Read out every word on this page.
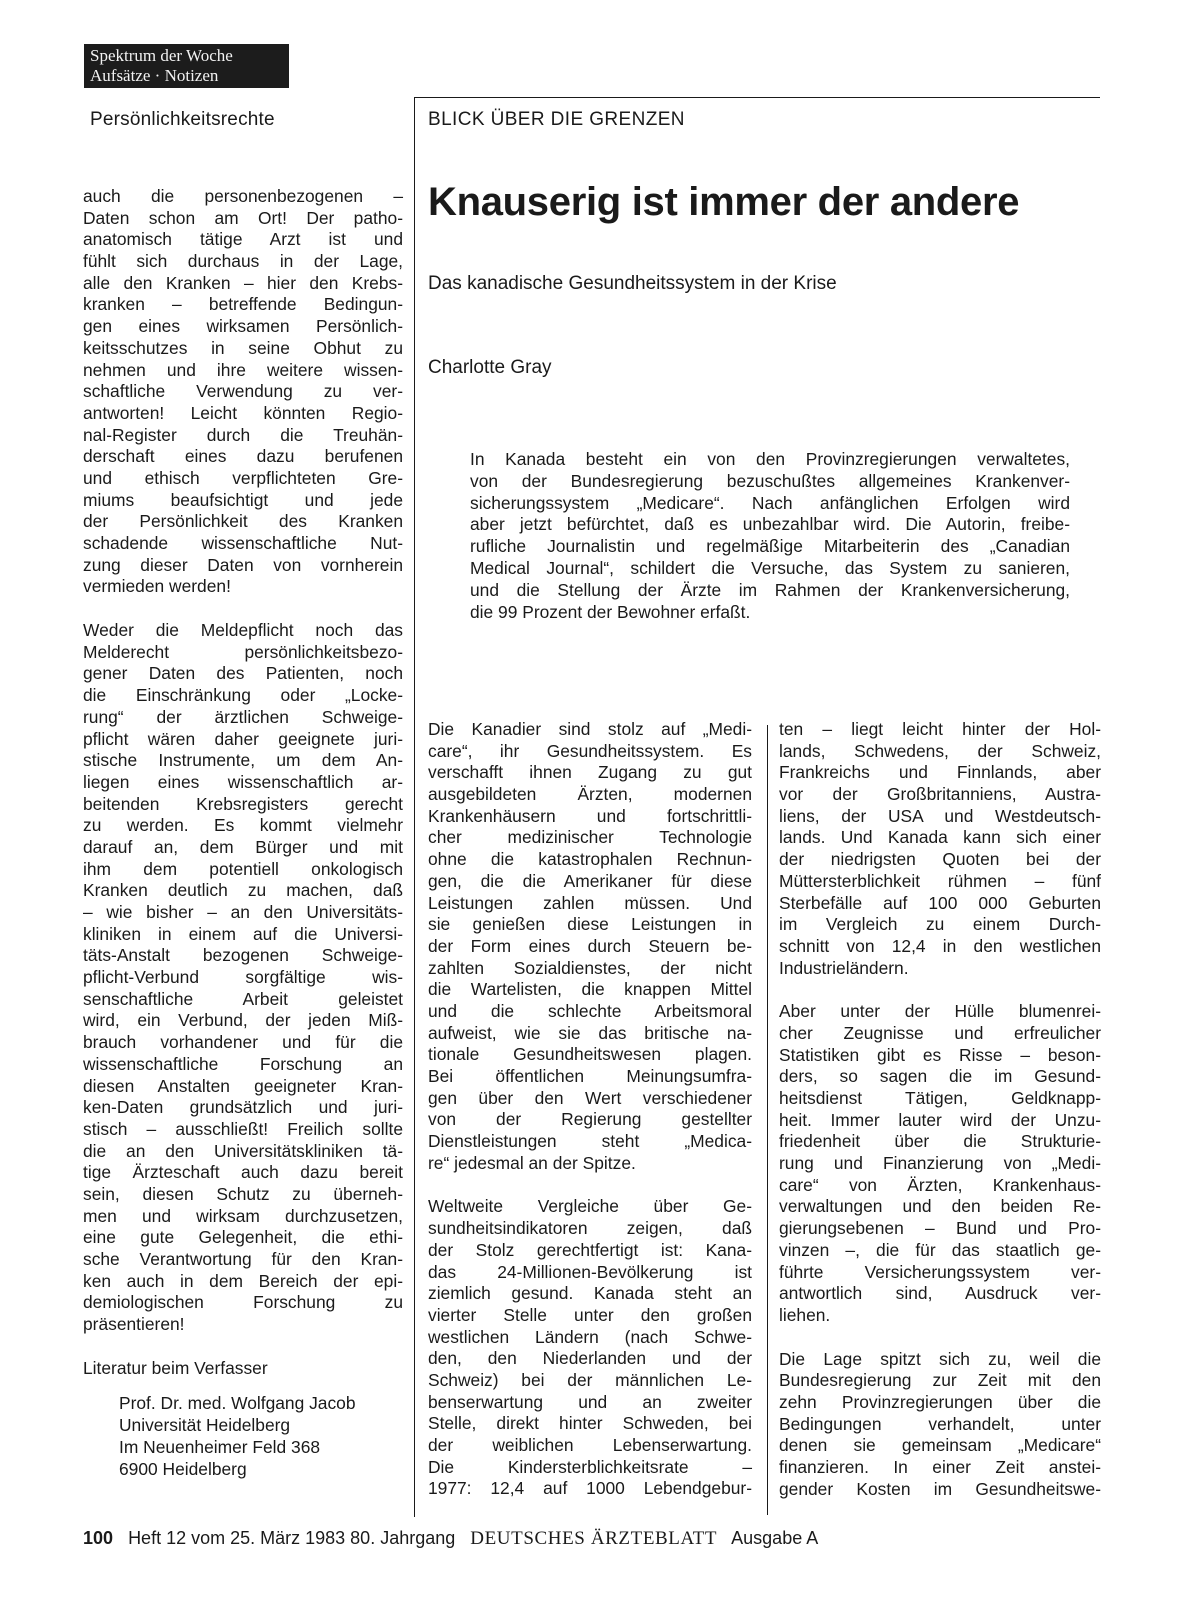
Spektrum der Woche
Aufsätze · Notizen
Persönlichkeitsrechte	BLICK ÜBER DIE GRENZEN
Knauserig ist immer der andere
Das kanadische Gesundheitssystem in der Krise
Charlotte Gray
In Kanada besteht ein von den Provinzregierungen verwaltetes,
von der Bundesregierung bezuschußtes allgemeines Krankenver-
sicherungssystem „Medicare“. Nach anfänglichen Erfolgen wird
aber jetzt befürchtet, daß es unbezahlbar wird. Die Autorin, freibe-
rufliche Journalistin und regelmäßige Mitarbeiterin des „Canadian
Medical Journal“, schildert die Versuche, das System zu sanieren,
und die Stellung der Ärzte im Rahmen der Krankenversicherung,
die 99 Prozent der Bewohner erfaßt.
auch die personenbezogenen –
Daten schon am Ort! Der patho-
anatomisch tätige Arzt ist und
fühlt sich durchaus in der Lage,
alle den Kranken – hier den Krebs-
kranken – betreffende Bedingun-
gen eines wirksamen Persönlich-
keitsschutzes in seine Obhut zu
nehmen und ihre weitere wissen-
schaftliche Verwendung zu ver-
antworten! Leicht könnten Regio-
nal-Register durch die Treuhän-
derschaft eines dazu berufenen
und ethisch verpflichteten Gre-
miums beaufsichtigt und jede
der Persönlichkeit des Kranken
schadende wissenschaftliche Nut-
zung dieser Daten von vornherein
vermieden werden!
Weder die Meldepflicht noch das
Melderecht persönlichkeitsbezo-
gener Daten des Patienten, noch
die Einschränkung oder „Locke-
rung“ der ärztlichen Schweige-
pflicht wären daher geeignete juri-
stische Instrumente, um dem An-
liegen eines wissenschaftlich ar-
beitenden Krebsregisters gerecht
zu werden. Es kommt vielmehr
darauf an, dem Bürger und mit
ihm dem potentiell onkologisch
Kranken deutlich zu machen, daß
– wie bisher – an den Universitäts-
kliniken in einem auf die Universi-
täts-Anstalt bezogenen Schweige-
pflicht-Verbund sorgfältige wis-
senschaftliche Arbeit geleistet
wird, ein Verbund, der jeden Miß-
brauch vorhandener und für die
wissenschaftliche Forschung an
diesen Anstalten geeigneter Kran-
ken-Daten grundsätzlich und juri-
stisch – ausschließt! Freilich sollte
die an den Universitätskliniken tä-
tige Ärzteschaft auch dazu bereit
sein, diesen Schutz zu überneh-
men und wirksam durchzusetzen,
eine gute Gelegenheit, die ethi-
sche Verantwortung für den Kran-
ken auch in dem Bereich der epi-
demiologischen Forschung zu
präsentieren!
Literatur beim Verfasser
Prof. Dr. med. Wolfgang Jacob
Universität Heidelberg
Im Neuenheimer Feld 368
6900 Heidelberg
Die Kanadier sind stolz auf „Medi-
care“, ihr Gesundheitssystem. Es
verschafft ihnen Zugang zu gut
ausgebildeten Ärzten, modernen
Krankenhäusern und fortschrittli-
cher medizinischer Technologie
ohne die katastrophalen Rechnun-
gen, die die Amerikaner für diese
Leistungen zahlen müssen. Und
sie genießen diese Leistungen in
der Form eines durch Steuern be-
zahlten Sozialdienstes, der nicht
die Wartelisten, die knappen Mittel
und die schlechte Arbeitsmoral
aufweist, wie sie das britische na-
tionale Gesundheitswesen plagen.
Bei öffentlichen Meinungsumfra-
gen über den Wert verschiedener
von der Regierung gestellter
Dienstleistungen steht „Medica-
re“ jedesmal an der Spitze.
Weltweite Vergleiche über Ge-
sundheitsindikatoren zeigen, daß
der Stolz gerechtfertigt ist: Kana-
das 24-Millionen-Bevölkerung ist
ziemlich gesund. Kanada steht an
vierter Stelle unter den großen
westlichen Ländern (nach Schwe-
den, den Niederlanden und der
Schweiz) bei der männlichen Le-
benserwartung und an zweiter
Stelle, direkt hinter Schweden, bei
der weiblichen Lebenserwartung.
Die Kindersterblichkeitsrate –
1977: 12,4 auf 1000 Lebendgebur-
ten – liegt leicht hinter der Hol-
lands, Schwedens, der Schweiz,
Frankreichs und Finnlands, aber
vor der Großbritanniens, Austra-
liens, der USA und Westdeutsch-
lands. Und Kanada kann sich einer
der niedrigsten Quoten bei der
Müttersterblichkeit rühmen – fünf
Sterbefälle auf 100 000 Geburten
im Vergleich zu einem Durch-
schnitt von 12,4 in den westlichen
Industrieländern.
Aber unter der Hülle blumenrei-
cher Zeugnisse und erfreulicher
Statistiken gibt es Risse – beson-
ders, so sagen die im Gesund-
heitsdienst Tätigen, Geldknapp-
heit. Immer lauter wird der Unzu-
friedenheit über die Strukturie-
rung und Finanzierung von „Medi-
care“ von Ärzten, Krankenhaus-
verwaltungen und den beiden Re-
gierungsebenen – Bund und Pro-
vinzen –, die für das staatlich ge-
führte Versicherungssystem ver-
antwortlich sind, Ausdruck ver-
liehen.
Die Lage spitzt sich zu, weil die
Bundesregierung zur Zeit mit den
zehn Provinzregierungen über die
Bedingungen verhandelt, unter
denen sie gemeinsam „Medicare“
finanzieren. In einer Zeit anstei-
gender Kosten im Gesundheitswe-
100 Heft 12 vom 25. März 1983 80. Jahrgang DEUTSCHES ÄRZTEBLATT Ausgabe A
